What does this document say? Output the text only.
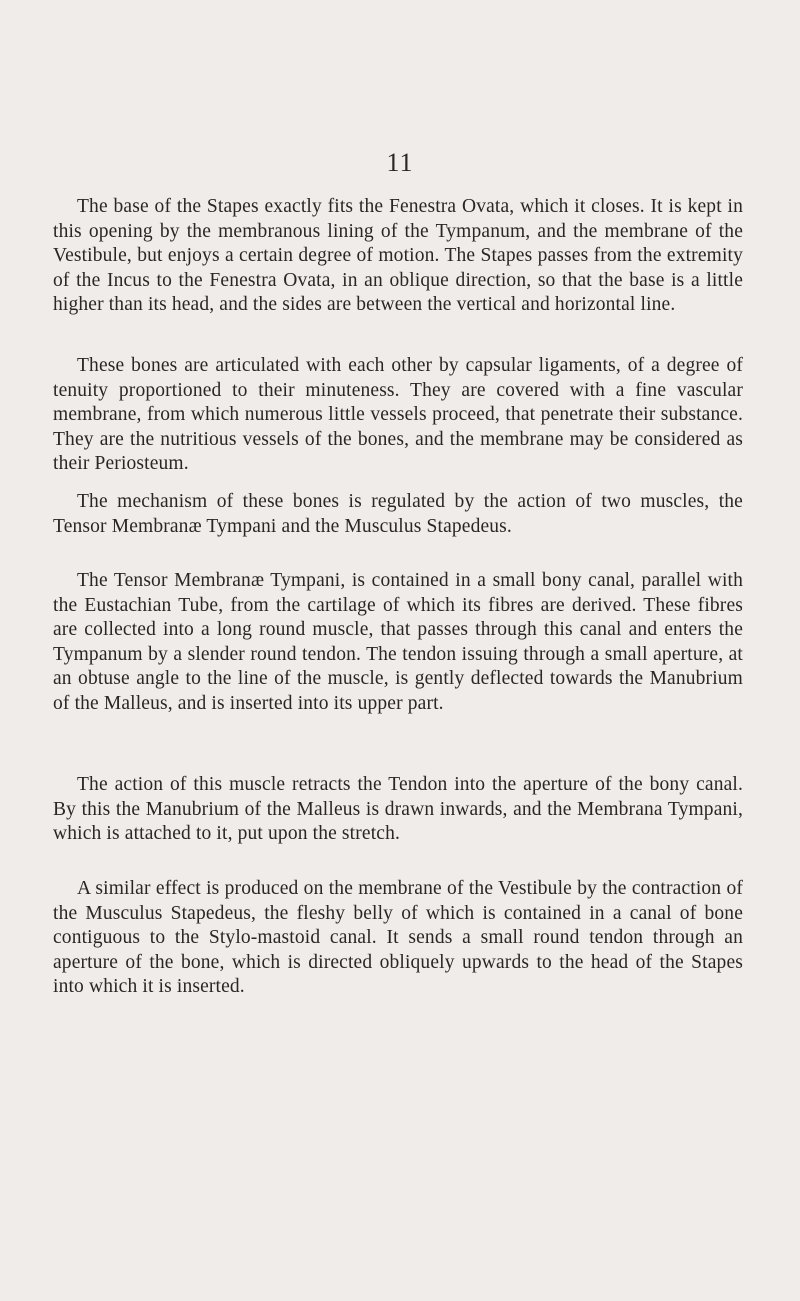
11

The base of the Stapes exactly fits the Fenestra Ovata, which it closes. It is kept in this opening by the membranous lining of the Tympanum, and the membrane of the Vestibule, but enjoys a certain degree of motion. The Stapes passes from the extremity of the Incus to the Fenestra Ovata, in an oblique direction, so that the base is a little higher than its head, and the sides are between the vertical and horizontal line.

These bones are articulated with each other by capsular ligaments, of a degree of tenuity proportioned to their minuteness. They are covered with a fine vascular membrane, from which numerous little vessels proceed, that penetrate their substance. They are the nutritious vessels of the bones, and the membrane may be considered as their Periosteum.

The mechanism of these bones is regulated by the action of two muscles, the Tensor Membranæ Tympani and the Musculus Stapedeus.

The Tensor Membranæ Tympani, is contained in a small bony canal, parallel with the Eustachian Tube, from the cartilage of which its fibres are derived. These fibres are collected into a long round muscle, that passes through this canal and enters the Tympanum by a slender round tendon. The tendon issuing through a small aperture, at an obtuse angle to the line of the muscle, is gently deflected towards the Manubrium of the Malleus, and is inserted into its upper part.

The action of this muscle retracts the Tendon into the aperture of the bony canal. By this the Manubrium of the Malleus is drawn inwards, and the Membrana Tympani, which is attached to it, put upon the stretch.

A similar effect is produced on the membrane of the Vestibule by the contraction of the Musculus Stapedeus, the fleshy belly of which is contained in a canal of bone contiguous to the Stylo-mastoid canal. It sends a small round tendon through an aperture of the bone, which is directed obliquely upwards to the head of the Stapes into which it is inserted.
